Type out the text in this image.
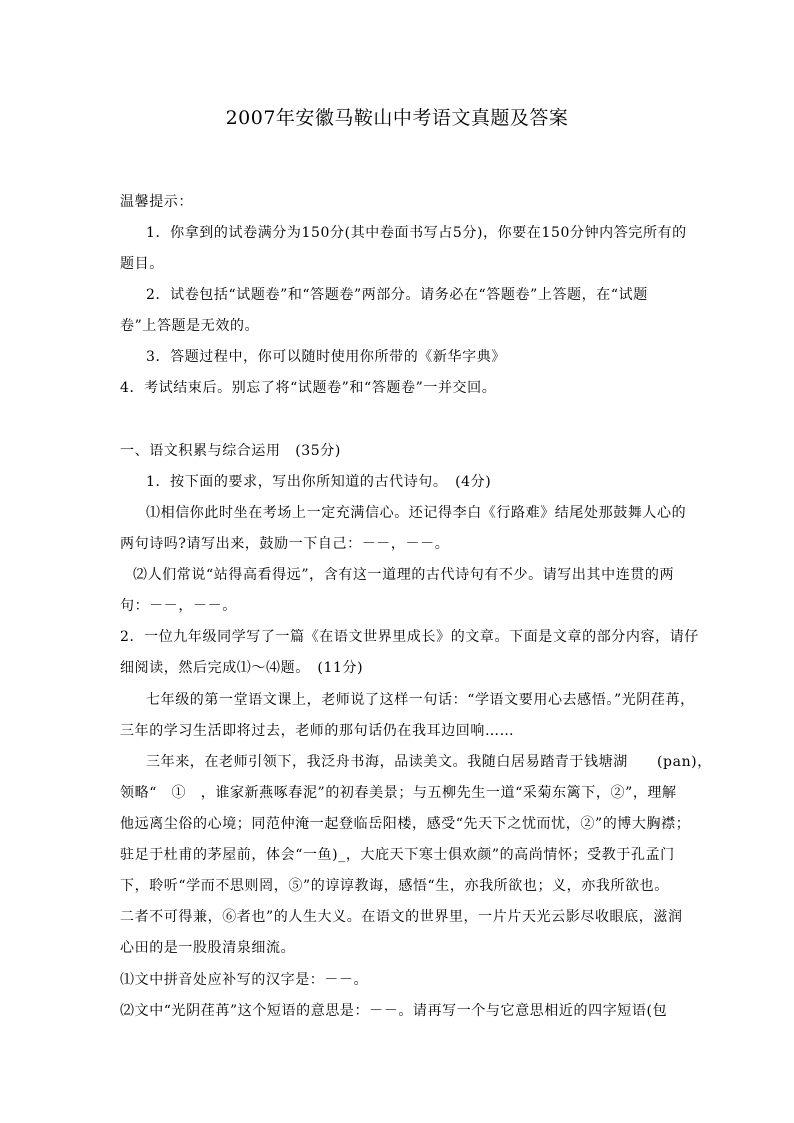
2007年安徽马鞍山中考语文真题及答案
温馨提示：
1．你拿到的试卷满分为150分(其中卷面书写占5分)，你要在150分钟内答完所有的
题目。
2．试卷包括“试题卷”和“答题卷”两部分。请务必在“答题卷”上答题，在“试题
卷”上答题是无效的。
3．答题过程中，你可以随时使用你所带的《新华字典》
4．考试结束后。别忘了将“试题卷”和“答题卷”一并交回。
一、语文积累与综合运用　(35分)
1．按下面的要求，写出你所知道的古代诗句。　(4分)
⑴相信你此时坐在考场上一定充满信心。还记得李白《行路难》结尾处那鼓舞人心的
两句诗吗?请写出来，鼓励一下自己：－－，－－。
⑵人们常说“站得高看得远”，含有这一道理的古代诗句有不少。请写出其中连贯的两
句：－－，－－。
2．一位九年级同学写了一篇《在语文世界里成长》的文章。下面是文章的部分内容，请仔
细阅读，然后完成⑴～⑷题。　(11分)
七年级的第一堂语文课上，老师说了这样一句话：“学语文要用心去感悟。”光阴荏苒，
三年的学习生活即将过去，老师的那句话仍在我耳边回响……
三年来，在老师引领下，我泛舟书海，品读美文。我随白居易踏青于钱塘湖　　(pan)，
领略“　①　，谁家新燕啄春泥”的初春美景；与五柳先生一道“采菊东篱下，②”，理解
他远离尘俗的心境；同范仲淹一起登临岳阳楼，感受“先天下之忧而忧，②”的博大胸襟；
驻足于杜甫的茅屋前，体会“一鱼)_，大庇天下寒士俱欢颜”的高尚情怀；受教于孔孟门
下，聆听“学而不思则罔，⑤”的谆谆教诲，感悟“生，亦我所欲也；义，亦我所欲也。
二者不可得兼，⑥者也”的人生大义。在语文的世界里，一片片天光云影尽收眼底，滋润
心田的是一股股清泉细流。
⑴文中拼音处应补写的汉字是：－－。
⑵文中“光阴荏苒”这个短语的意思是：－－。请再写一个与它意思相近的四字短语(包
